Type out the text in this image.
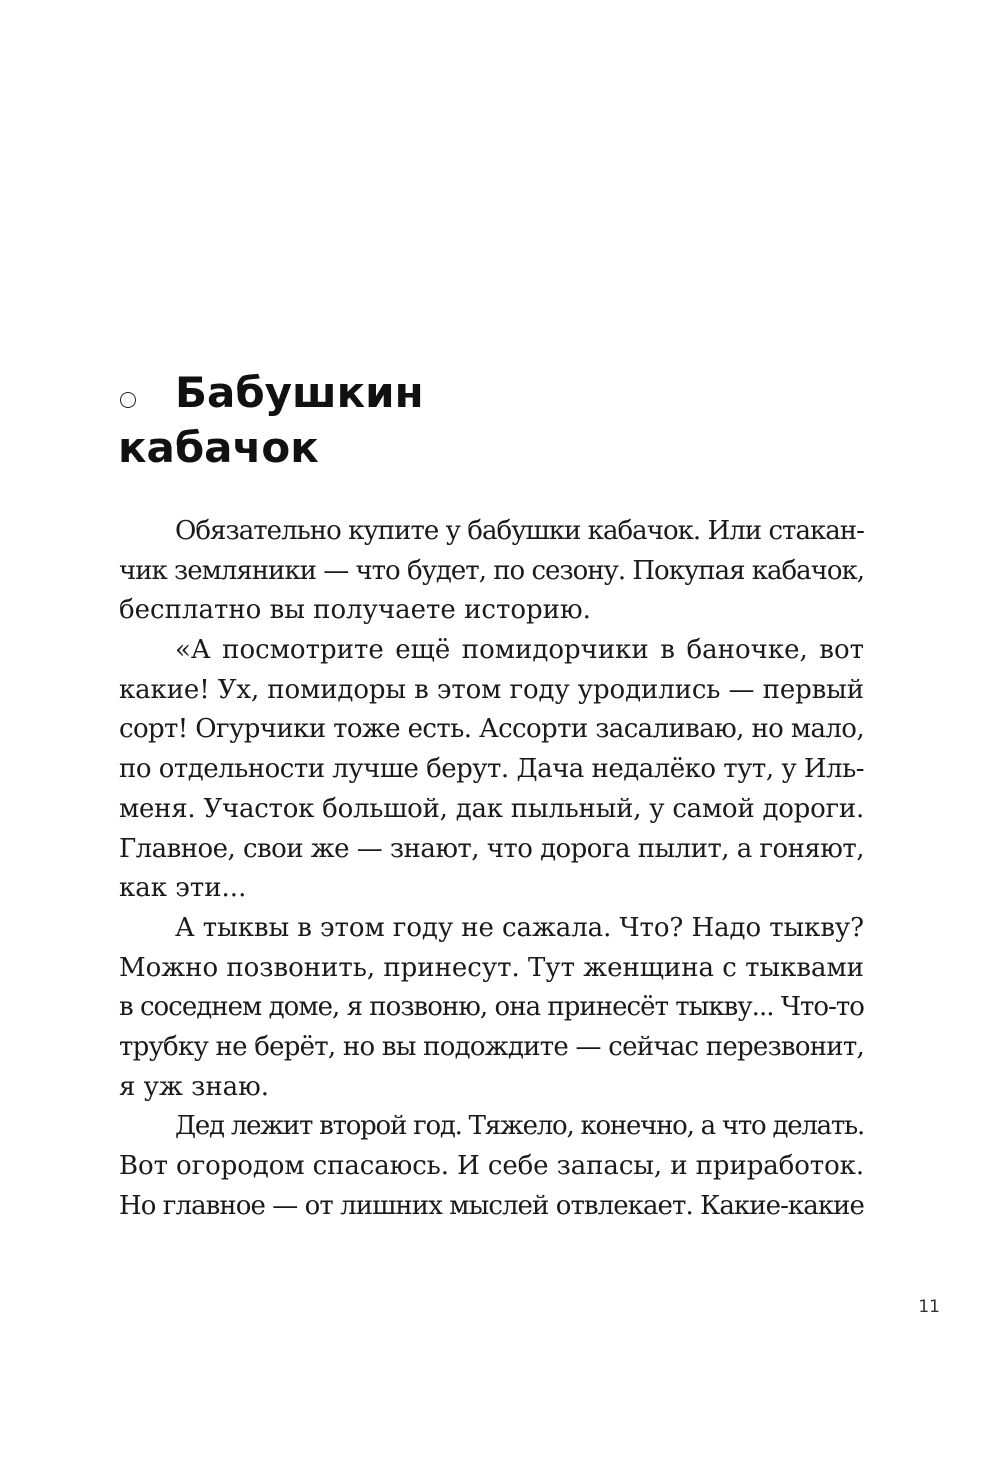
Бабушкин
кабачок
Обязательно купите у бабушки кабачок. Или стакан-
чик земляники — что будет, по сезону. Покупая кабачок,
бесплатно вы получаете историю.
«А посмотрите ещё помидорчики в баночке, вот
какие! Ух, помидоры в этом году уродились — первый
сорт! Огурчики тоже есть. Ассорти засаливаю, но мало,
по отдельности лучше берут. Дача недалёко тут, у Иль-
меня. Участок большой, дак пыльный, у самой дороги.
Главное, свои же — знают, что дорога пылит, а гоняют,
как эти...
А тыквы в этом году не сажала. Что? Надо тыкву?
Можно позвонить, принесут. Тут женщина с тыквами
в соседнем доме, я позвоню, она принесёт тыкву... Что-то
трубку не берёт, но вы подождите — сейчас перезвонит,
я уж знаю.
Дед лежит второй год. Тяжело, конечно, а что делать.
Вот огородом спасаюсь. И себе запасы, и приработок.
Но главное — от лишних мыслей отвлекает. Какие-какие
11
